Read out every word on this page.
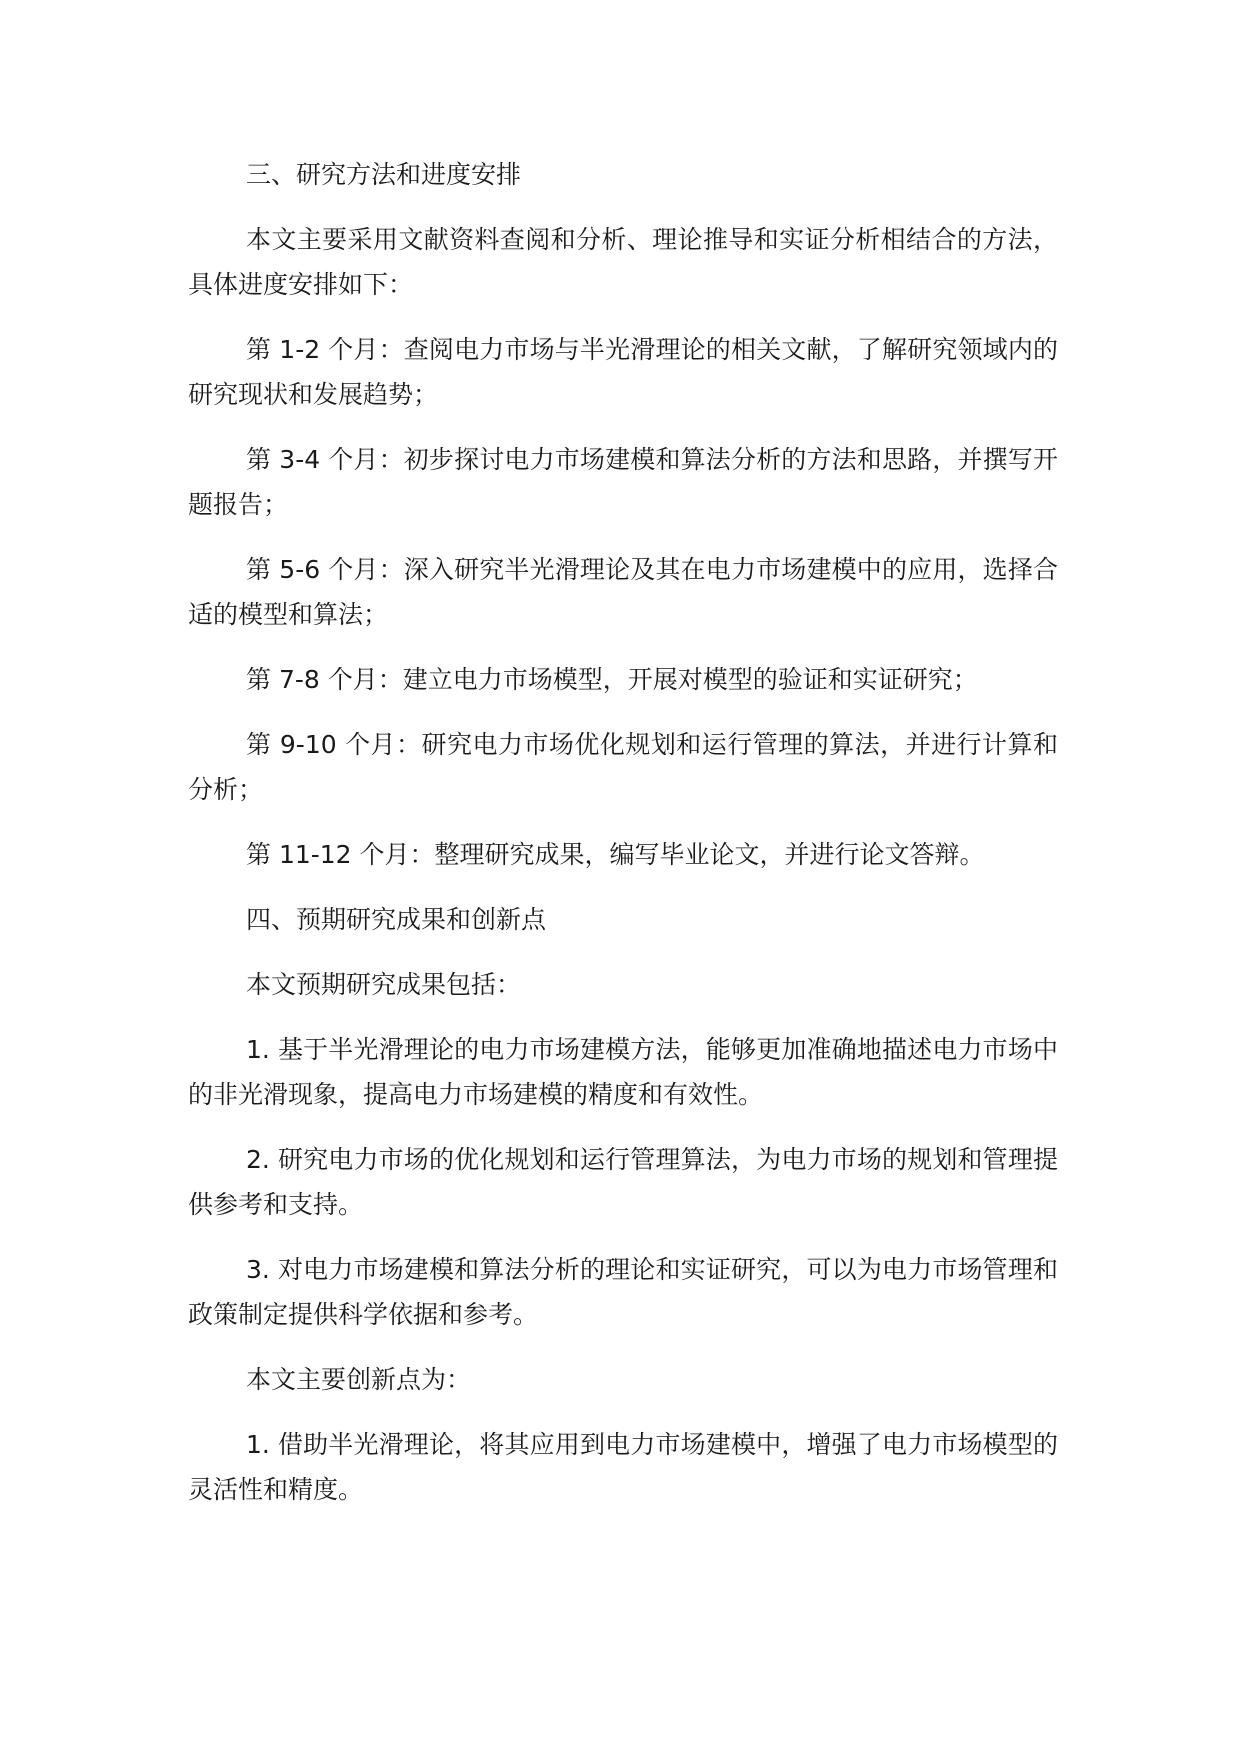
三、研究方法和进度安排

本文主要采用文献资料查阅和分析、理论推导和实证分析相结合的方法，具体进度安排如下：

第 1-2 个月：查阅电力市场与半光滑理论的相关文献，了解研究领域内的研究现状和发展趋势；

第 3-4 个月：初步探讨电力市场建模和算法分析的方法和思路，并撰写开题报告；

第 5-6 个月：深入研究半光滑理论及其在电力市场建模中的应用，选择合适的模型和算法；

第 7-8 个月：建立电力市场模型，开展对模型的验证和实证研究；

第 9-10 个月：研究电力市场优化规划和运行管理的算法，并进行计算和分析；

第 11-12 个月：整理研究成果，编写毕业论文，并进行论文答辩。

四、预期研究成果和创新点

本文预期研究成果包括：

1. 基于半光滑理论的电力市场建模方法，能够更加准确地描述电力市场中的非光滑现象，提高电力市场建模的精度和有效性。

2. 研究电力市场的优化规划和运行管理算法，为电力市场的规划和管理提供参考和支持。

3. 对电力市场建模和算法分析的理论和实证研究，可以为电力市场管理和政策制定提供科学依据和参考。

本文主要创新点为：

1. 借助半光滑理论，将其应用到电力市场建模中，增强了电力市场模型的灵活性和精度。
